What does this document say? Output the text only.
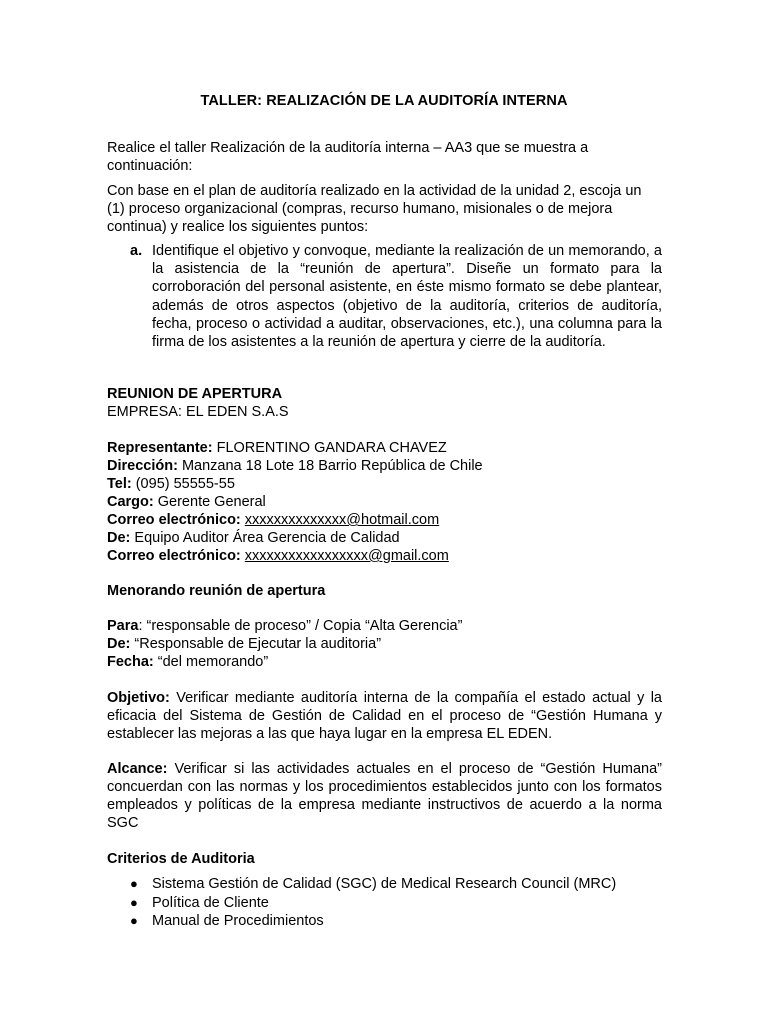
TALLER: REALIZACIÓN DE LA AUDITORÍA INTERNA
Realice el taller Realización de la auditoría interna – AA3 que se muestra a continuación:
Con base en el plan de auditoría realizado en la actividad de la unidad 2, escoja un (1) proceso organizacional (compras, recurso humano, misionales o de mejora continua) y realice los siguientes puntos:
a. Identifique el objetivo y convoque, mediante la realización de un memorando, a la asistencia de la “reunión de apertura”. Diseñe un formato para la corroboración del personal asistente, en éste mismo formato se debe plantear, además de otros aspectos (objetivo de la auditoría, criterios de auditoría, fecha, proceso o actividad a auditar, observaciones, etc.), una columna para la firma de los asistentes a la reunión de apertura y cierre de la auditoría.
REUNION DE APERTURA
EMPRESA: EL EDEN S.A.S
Representante: FLORENTINO GANDARA CHAVEZ
Dirección: Manzana 18 Lote 18 Barrio República de Chile
Tel: (095) 55555-55
Cargo: Gerente General
Correo electrónico: xxxxxxxxxxxxxx@hotmail.com
De: Equipo Auditor Área Gerencia de Calidad
Correo electrónico: xxxxxxxxxxxxxxxxx@gmail.com
Menorando reunión de apertura
Para: “responsable de proceso” / Copia “Alta Gerencia”
De: “Responsable de Ejecutar la auditoria”
Fecha: “del memorando”
Objetivo: Verificar mediante auditoría interna de la compañía el estado actual y la eficacia del Sistema de Gestión de Calidad en el proceso de “Gestión Humana y establecer las mejoras a las que haya lugar en la empresa EL EDEN.
Alcance: Verificar si las actividades actuales en el proceso de “Gestión Humana” concuerdan con las normas y los procedimientos establecidos junto con los formatos empleados y políticas de la empresa mediante instructivos de acuerdo a la norma SGC
Criterios de Auditoria
● Sistema Gestión de Calidad (SGC) de Medical Research Council (MRC)
● Política de Cliente
● Manual de Procedimientos
